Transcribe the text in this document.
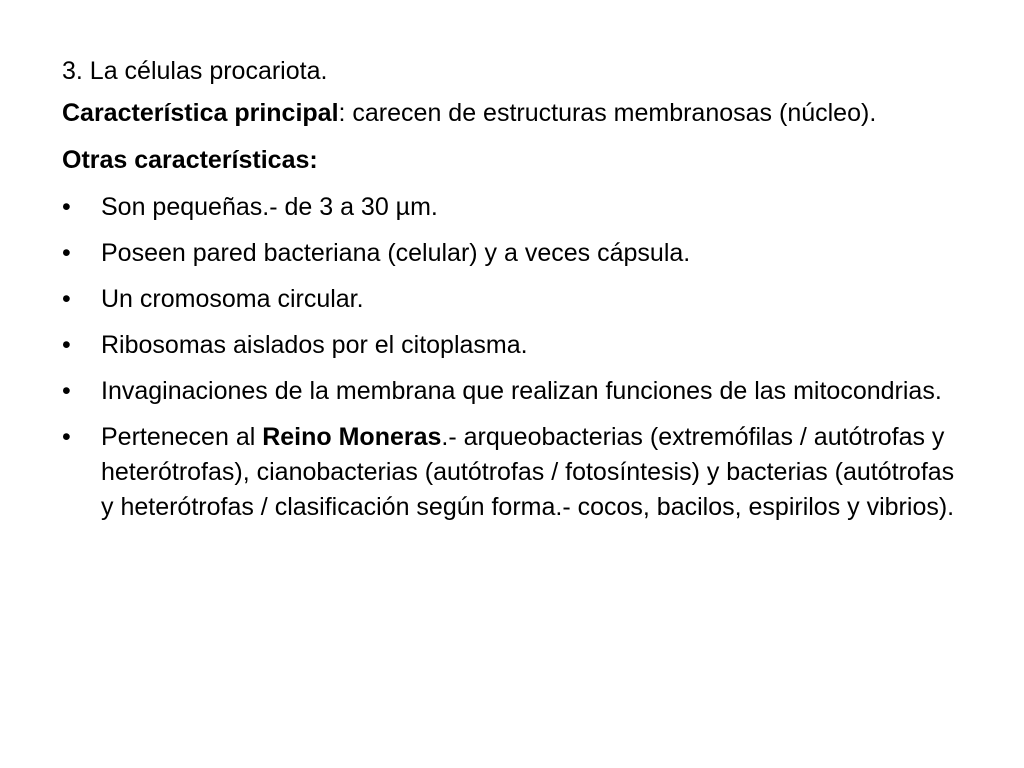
3. La células procariota.

Característica principal: carecen de estructuras membranosas (núcleo).

Otras características:

•	Son pequeñas.- de 3 a 30 µm.
•	Poseen pared bacteriana (celular) y a veces cápsula.
•	Un cromosoma circular.
•	Ribosomas aislados por el citoplasma.
•	Invaginaciones de la membrana que realizan funciones de las mitocondrias.
•	Pertenecen al Reino Moneras.- arqueobacterias (extremófilas / autótrofas y heterótrofas), cianobacterias (autótrofas / fotosíntesis) y bacterias (autótrofas y heterótrofas / clasificación según forma.- cocos, bacilos, espirilos y vibrios).
